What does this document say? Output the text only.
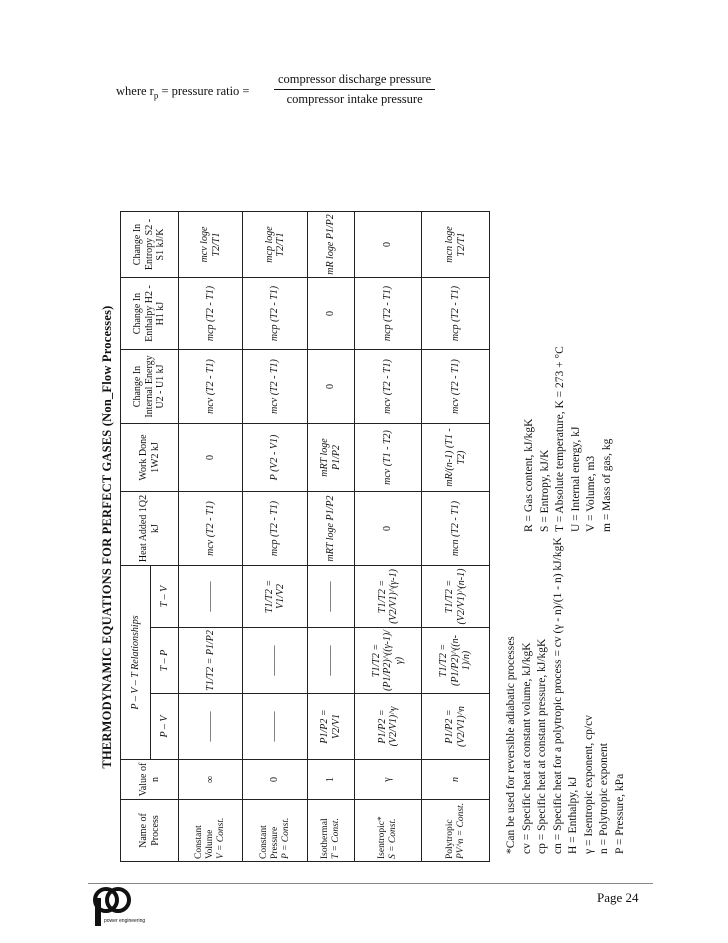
where $r_p$ = pressure ratio =
compressor discharge pressure
compressor intake pressure
THERMODYNAMIC EQUATIONS FOR PERFECT GASES (Non_Flow Processes)
Name of Process	Value of n	P – V – T Relationships			Heat Added 1Q2 kJ	Work Done 1W2 kJ	Change In Internal Energy U2 - U1 kJ	Change In Enthalpy H2 - H1 kJ	Change In Entropy S2 - S1 kJ/K
		P – V	T – P	T – V					
Constant Volume
V = Const.	∞	———	T1/T2 = P1/P2	———	mcv (T2 - T1)	0	mcv (T2 - T1)	mcp (T2 - T1)	mcv loge T2/T1
Constant Pressure
P = Const.	0	———	———	T1/T2 = V1/V2	mcp (T2 - T1)	P (V2 - V1)	mcv (T2 - T1)	mcp (T2 - T1)	mcp loge T2/T1
Isothermal
T = Const.	1	P1/P2 = V2/V1	———	———	mRT loge P1/P2	mRT loge P1/P2	0	0	mR loge P1/P2
Isentropic*
S = Const.	γ	P1/P2 = (V2/V1)^γ	T1/T2 = (P1/P2)^((γ-1)/γ)	T1/T2 = (V2/V1)^(γ-1)	0	mcv (T1 - T2)	mcv (T2 - T1)	mcp (T2 - T1)	0
Polytropic
PV^n = Const.	n	P1/P2 = (V2/V1)^n	T1/T2 = (P1/P2)^((n-1)/n)	T1/T2 = (V2/V1)^(n-1)	mcn (T2 - T1)	mR/(n-1) (T1 - T2)	mcv (T2 - T1)	mcp (T2 - T1)	mcn loge T2/T1
*Can be used for reversible adiabatic processes cv = Specific heat at constant volume, kJ/kgK cp = Specific heat at constant pressure, kJ/kgK cn = Specific heat for a polytropic process = cv (γ - n)/(1 - n) kJ/kgK H = Enthalpy, kJ γ = Isentropic exponent, cp/cv n = Polytropic exponent P = Pressure, kPa
R = Gas content, kJ/kgK S = Entropy, kJ/K T = Absolute temperature, K = 273 + °C U = Internal energy, kJ V = Volume, m3 m = Mass of gas, kg
power engineering
Page 24
